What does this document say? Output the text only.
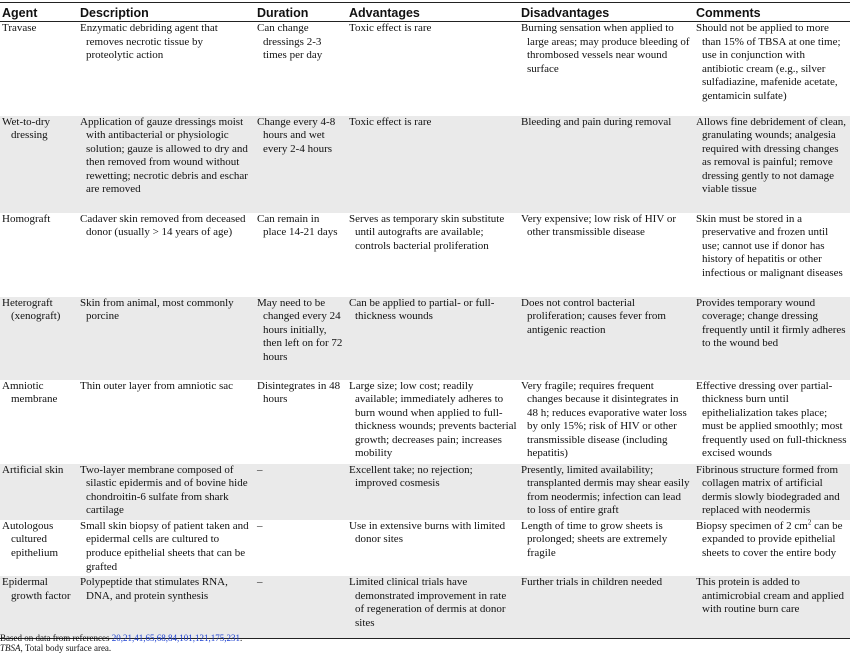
Agent	Description	Duration	Advantages	Disadvantages	Comments
Travase	Enzymatic debriding agent that removes necrotic tissue by proteolytic action	Can change dressings 2-3 times per day	Toxic effect is rare	Burning sensation when applied to large areas; may produce bleeding of thrombosed vessels near wound surface	Should not be applied to more than 15% of TBSA at one time; use in conjunction with antibiotic cream (e.g., silver sulfadiazine, mafenide acetate, gentamicin sulfate)
Wet-to-dry dressing	Application of gauze dressings moist with antibacterial or physiologic solution; gauze is allowed to dry and then removed from wound without rewetting; necrotic debris and eschar are removed	Change every 4-8 hours and wet every 2-4 hours	Toxic effect is rare	Bleeding and pain during removal	Allows fine debridement of clean, granulating wounds; analgesia required with dressing changes as removal is painful; remove dressing gently to not damage viable tissue
Homograft	Cadaver skin removed from deceased donor (usually > 14 years of age)	Can remain in place 14-21 days	Serves as temporary skin substitute until autografts are available; controls bacterial proliferation	Very expensive; low risk of HIV or other transmissible disease	Skin must be stored in a preservative and frozen until use; cannot use if donor has history of hepatitis or other infectious or malignant diseases
Heterograft (xenograft)	Skin from animal, most commonly porcine	May need to be changed every 24 hours initially, then left on for 72 hours	Can be applied to partial- or full-thickness wounds	Does not control bacterial proliferation; causes fever from antigenic reaction	Provides temporary wound coverage; change dressing frequently until it firmly adheres to the wound bed
Amniotic membrane	Thin outer layer from amniotic sac	Disintegrates in 48 hours	Large size; low cost; readily available; immediately adheres to burn wound when applied to full-thickness wounds; prevents bacterial growth; decreases pain; increases mobility	Very fragile; requires frequent changes because it disintegrates in 48 h; reduces evaporative water loss by only 15%; risk of HIV or other transmissible disease (including hepatitis)	Effective dressing over partial-thickness burn until epithelialization takes place; must be applied smoothly; most frequently used on full-thickness excised wounds
Artificial skin	Two-layer membrane composed of silastic epidermis and of bovine hide chondroitin-6 sulfate from shark cartilage	–	Excellent take; no rejection; improved cosmesis	Presently, limited availability; transplanted dermis may shear easily from neodermis; infection can lead to loss of entire graft	Fibrinous structure formed from collagen matrix of artificial dermis slowly biodegraded and replaced with neodermis
Autologous cultured epithelium	Small skin biopsy of patient taken and epidermal cells are cultured to produce epithelial sheets that can be grafted	–	Use in extensive burns with limited donor sites	Length of time to grow sheets is prolonged; sheets are extremely fragile	Biopsy specimen of 2 $cm^2$ can be expanded to provide epithelial sheets to cover the entire body
Epidermal growth factor	Polypeptide that stimulates RNA, DNA, and protein synthesis	–	Limited clinical trials have demonstrated improvement in rate of regeneration of dermis at donor sites	Further trials in children needed	This protein is added to antimicrobial cream and applied with routine burn care
Based on data from references 20,21,41,65,68,84,101,121,175,231.
TBSA, Total body surface area.
